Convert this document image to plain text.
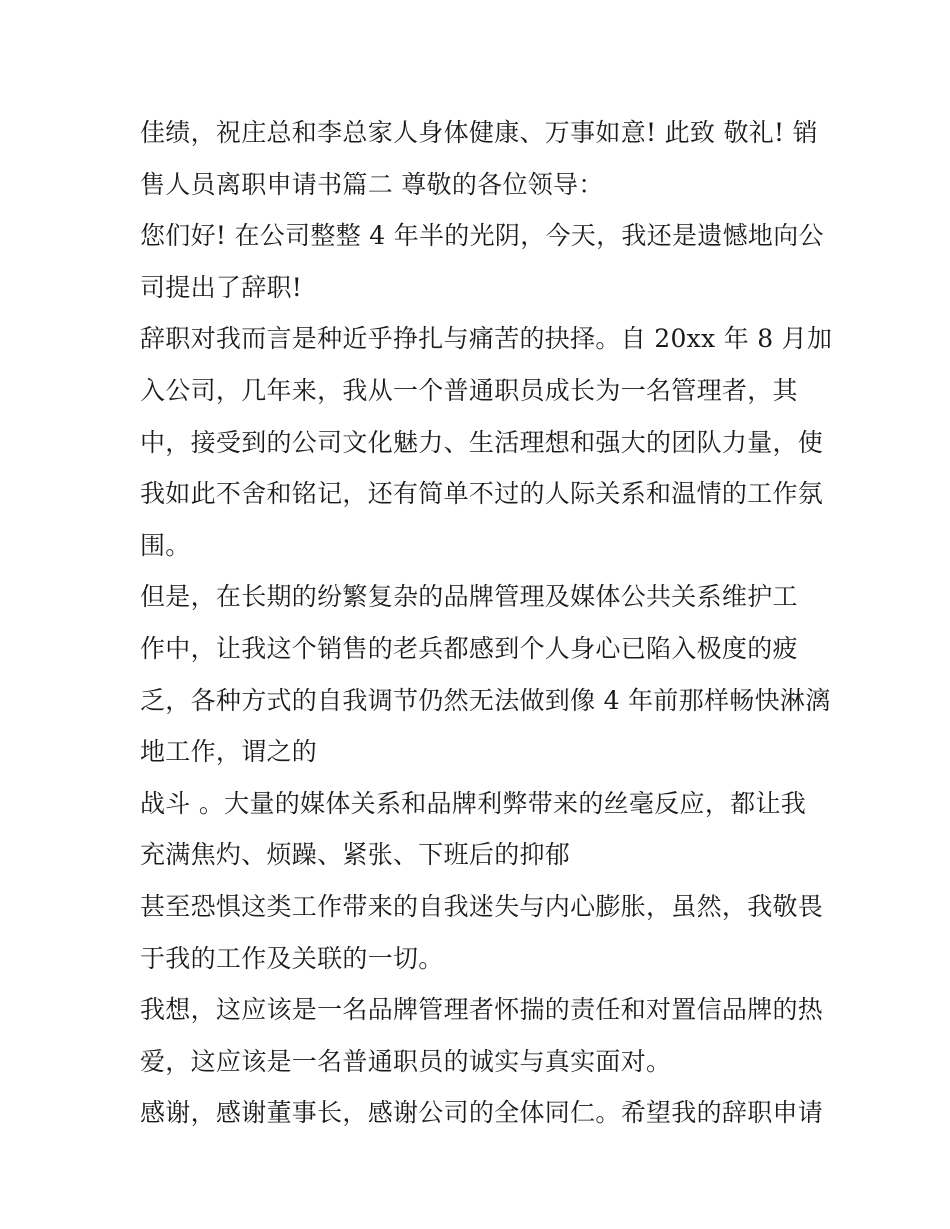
佳绩，祝庄总和李总家人身体健康、万事如意! 此致 敬礼! 销
售人员离职申请书篇二 尊敬的各位领导：
您们好! 在公司整整 4 年半的光阴，今天，我还是遗憾地向公
司提出了辞职!
辞职对我而言是种近乎挣扎与痛苦的抉择。自 20xx 年 8 月加
入公司，几年来，我从一个普通职员成长为一名管理者，其
中，接受到的公司文化魅力、生活理想和强大的团队力量，使
我如此不舍和铭记，还有简单不过的人际关系和温情的工作氛
围。
但是，在长期的纷繁复杂的品牌管理及媒体公共关系维护工
作中，让我这个销售的老兵都感到个人身心已陷入极度的疲
乏，各种方式的自我调节仍然无法做到像 4 年前那样畅快淋漓
地工作，谓之的
战斗 。大量的媒体关系和品牌利弊带来的丝毫反应，都让我
充满焦灼、烦躁、紧张、下班后的抑郁
甚至恐惧这类工作带来的自我迷失与内心膨胀，虽然，我敬畏
于我的工作及关联的一切。
我想，这应该是一名品牌管理者怀揣的责任和对置信品牌的热
爱，这应该是一名普通职员的诚实与真实面对。
感谢，感谢董事长，感谢公司的全体同仁。希望我的辞职申请
